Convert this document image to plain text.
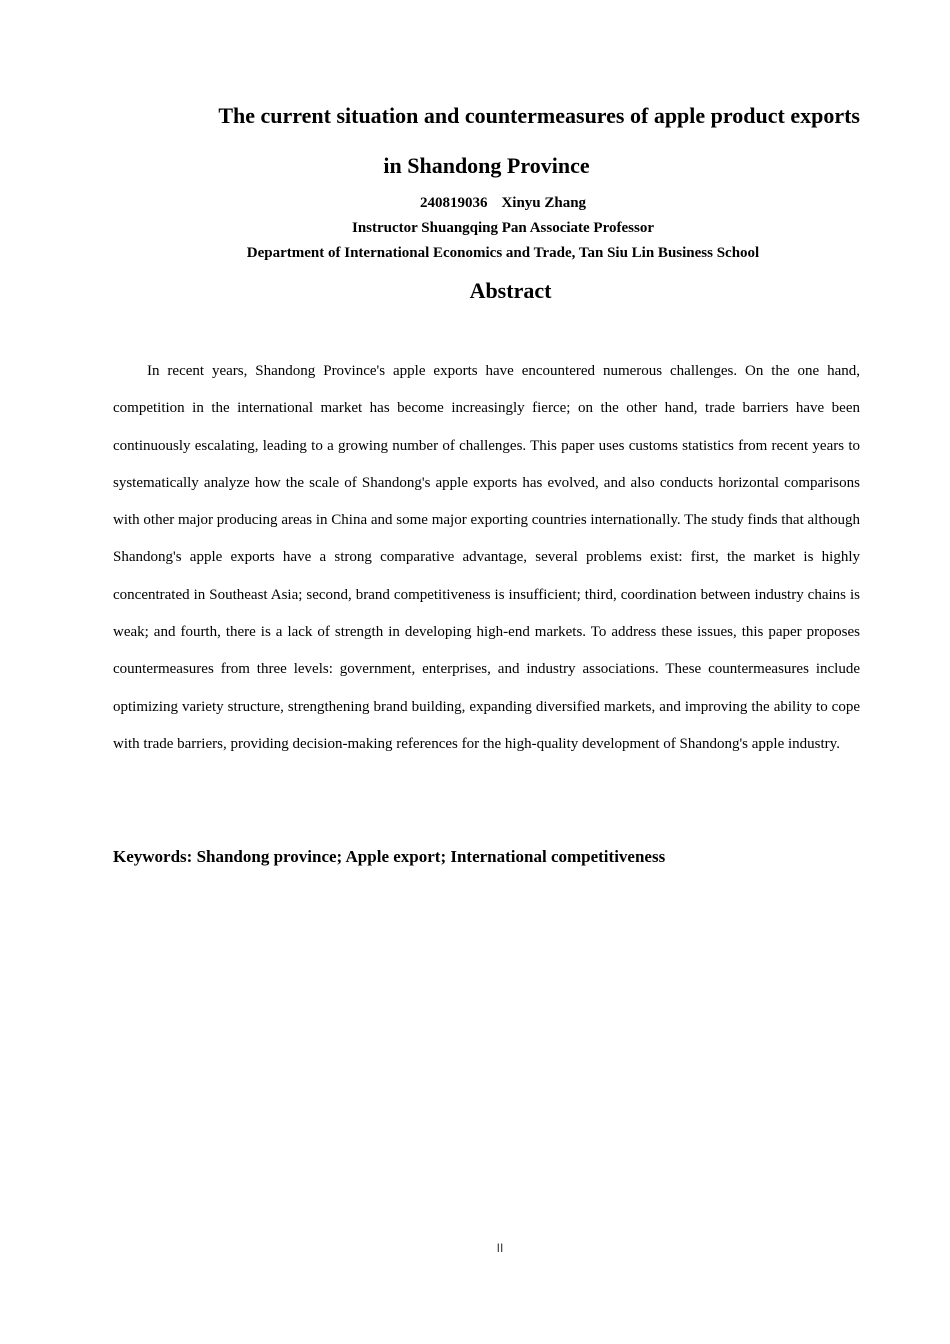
The current situation and countermeasures of apple product exports
in Shandong Province

240819036 Xinyu Zhang

Instructor Shuangqing Pan Associate Professor

Department of International Economics and Trade, Tan Siu Lin Business School

Abstract

In recent years, Shandong Province's apple exports have encountered numerous challenges. On the one hand, competition in the international market has become increasingly fierce; on the other hand, trade barriers have been continuously escalating, leading to a growing number of challenges. This paper uses customs statistics from recent years to systematically analyze how the scale of Shandong's apple exports has evolved, and also conducts horizontal comparisons with other major producing areas in China and some major exporting countries internationally. The study finds that although Shandong's apple exports have a strong comparative advantage, several problems exist: first, the market is highly concentrated in Southeast Asia; second, brand competitiveness is insufficient; third, coordination between industry chains is weak; and fourth, there is a lack of strength in developing high-end markets. To address these issues, this paper proposes countermeasures from three levels: government, enterprises, and industry associations. These countermeasures include optimizing variety structure, strengthening brand building, expanding diversified markets, and improving the ability to cope with trade barriers, providing decision-making references for the high-quality development of Shandong's apple industry.

Keywords: Shandong province; Apple export; International competitiveness

II
